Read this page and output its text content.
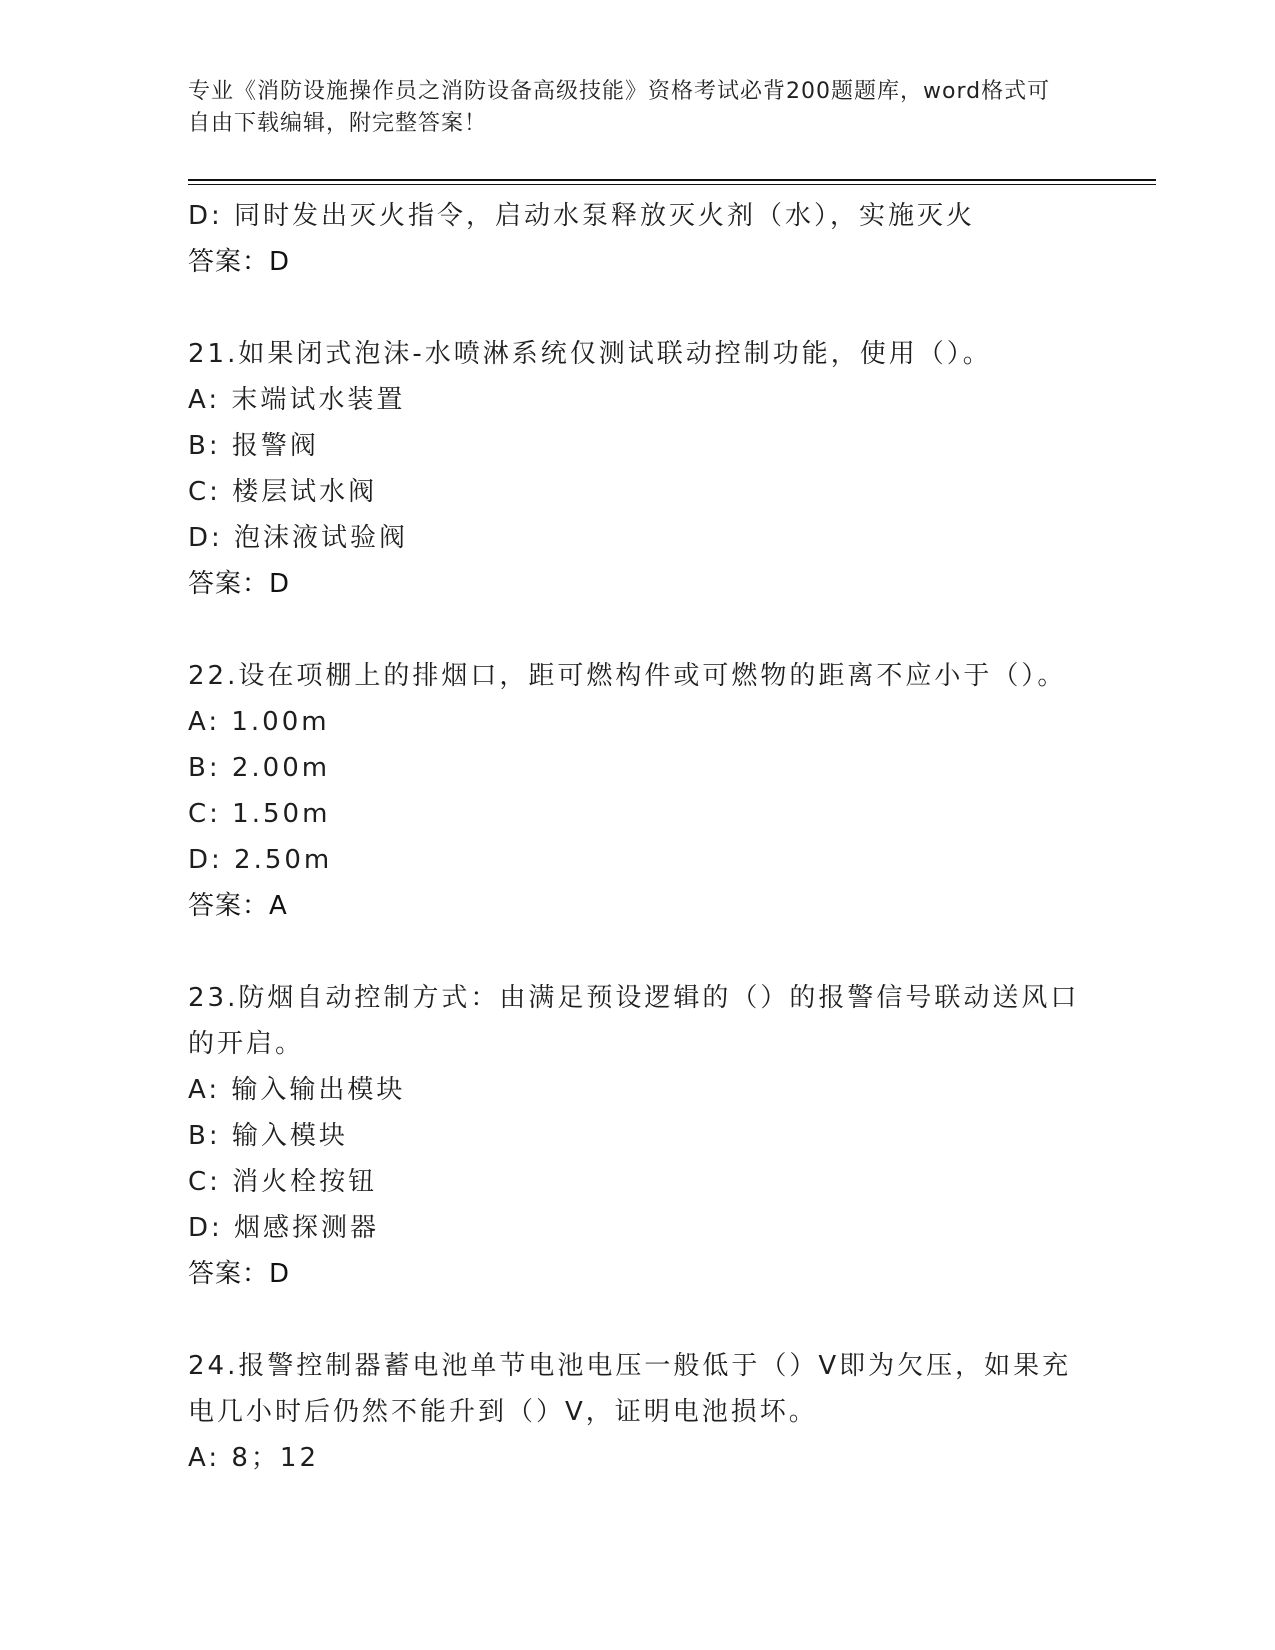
专业《消防设施操作员之消防设备高级技能》资格考试必背200题题库，word格式可自由下载编辑，附完整答案！
D: 同时发出灭火指令，启动水泵释放灭火剂（水），实施灭火
答案：D
21.如果闭式泡沫-水喷淋系统仅测试联动控制功能，使用（）。
A: 末端试水装置
B: 报警阀
C: 楼层试水阀
D: 泡沫液试验阀
答案：D
22.设在项棚上的排烟口，距可燃构件或可燃物的距离不应小于（）。
A: 1.00m
B: 2.00m
C: 1.50m
D: 2.50m
答案：A
23.防烟自动控制方式：由满足预设逻辑的（）的报警信号联动送风口的开启。
A: 输入输出模块
B: 输入模块
C: 消火栓按钮
D: 烟感探测器
答案：D
24.报警控制器蓄电池单节电池电压一般低于（）V即为欠压，如果充电几小时后仍然不能升到（）V，证明电池损坏。
A: 8；12
